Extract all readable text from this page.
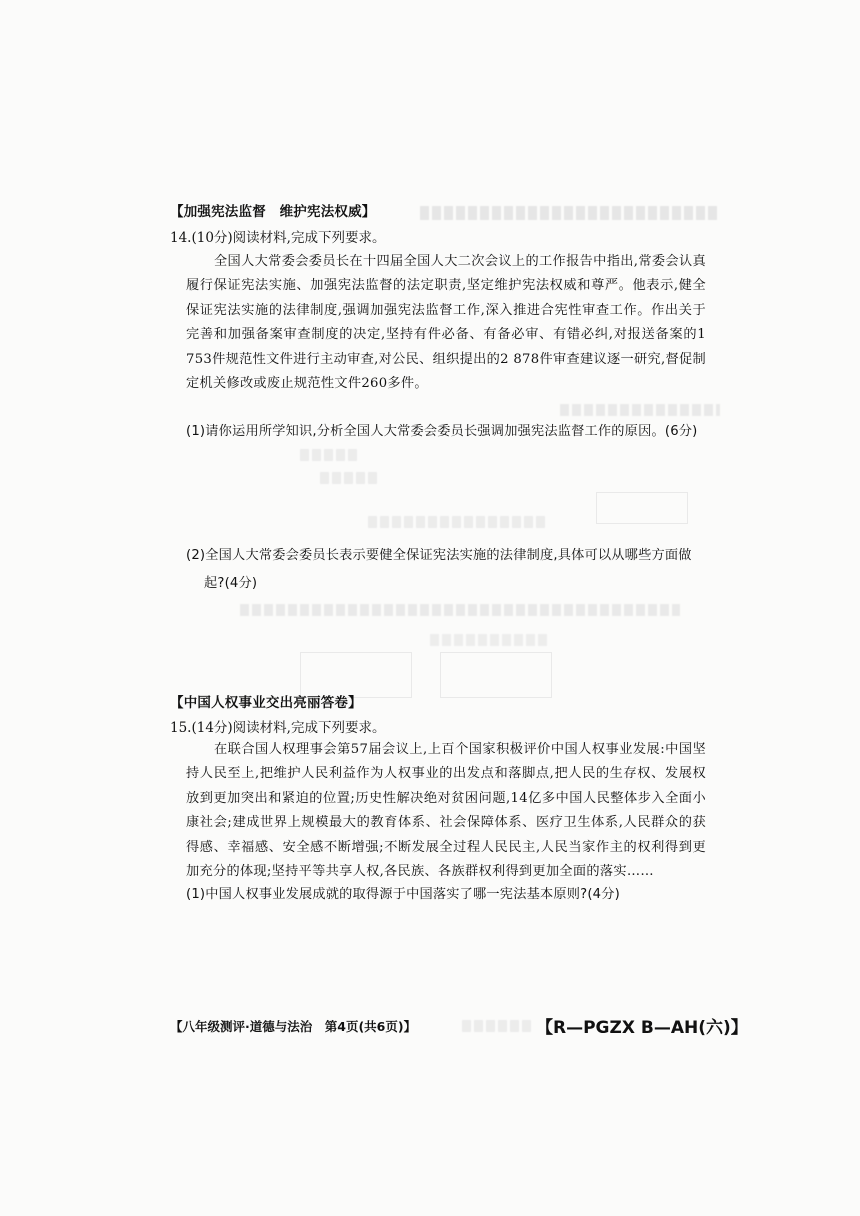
【加强宪法监督　维护宪法权威】
14.(10分)阅读材料,完成下列要求。
全国人大常委会委员长在十四届全国人大二次会议上的工作报告中指出,常委会认真履行保证宪法实施、加强宪法监督的法定职责,坚定维护宪法权威和尊严。他表示,健全保证宪法实施的法律制度,强调加强宪法监督工作,深入推进合宪性审查工作。作出关于完善和加强备案审查制度的决定,坚持有件必备、有备必审、有错必纠,对报送备案的1 753件规范性文件进行主动审查,对公民、组织提出的2 878件审查建议逐一研究,督促制定机关修改或废止规范性文件260多件。
(1)请你运用所学知识,分析全国人大常委会委员长强调加强宪法监督工作的原因。(6分)
(2)全国人大常委会委员长表示要健全保证宪法实施的法律制度,具体可以从哪些方面做
起?(4分)
【中国人权事业交出亮丽答卷】
15.(14分)阅读材料,完成下列要求。
在联合国人权理事会第57届会议上,上百个国家积极评价中国人权事业发展:中国坚持人民至上,把维护人民利益作为人权事业的出发点和落脚点,把人民的生存权、发展权放到更加突出和紧迫的位置;历史性解决绝对贫困问题,14亿多中国人民整体步入全面小康社会;建成世界上规模最大的教育体系、社会保障体系、医疗卫生体系,人民群众的获得感、幸福感、安全感不断增强;不断发展全过程人民民主,人民当家作主的权利得到更加充分的体现;坚持平等共享人权,各民族、各族群权利得到更加全面的落实……
(1)中国人权事业发展成就的取得源于中国落实了哪一宪法基本原则?(4分)
【八年级测评·道德与法治　第4页(共6页)】	【R—PGZX B—AH(六)】
